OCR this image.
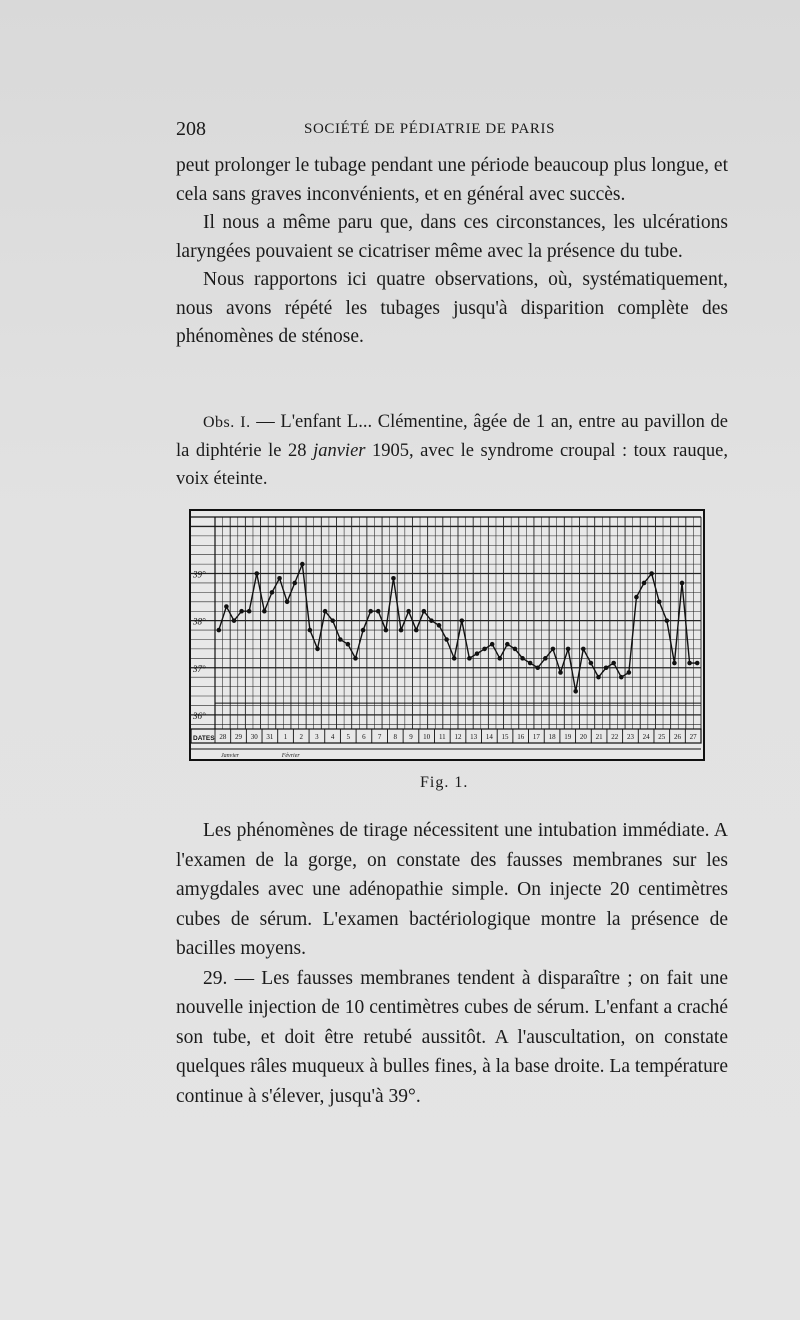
208	SOCIÉTÉ DE PÉDIATRIE DE PARIS

peut prolonger le tubage pendant une période beaucoup plus longue, et cela sans graves inconvénients, et en général avec succès.

Il nous a même paru que, dans ces circonstances, les ulcérations laryngées pouvaient se cicatriser même avec la présence du tube.

Nous rapportons ici quatre observations, où, systématiquement, nous avons répété les tubages jusqu'à disparition complète des phénomènes de sténose.

Obs. I. — L'enfant L... Clémentine, âgée de 1 an, entre au pavillon de la diphtérie le 28 janvier 1905, avec le syndrome croupal : toux rauque, voix éteinte.

39°
38°
37°
36°
DATES 28 29 30 31 1 2 3 4 5 6 7 8 9 10 11 12 13 14 15 16 17 18 19 20 21 22 23 24 25 26 27
Janvier	Février
Fig. 1.

Les phénomènes de tirage nécessitent une intubation immédiate. A l'examen de la gorge, on constate des fausses membranes sur les amygdales avec une adénopathie simple. On injecte 20 centimètres cubes de sérum. L'examen bactériologique montre la présence de bacilles moyens.

29. — Les fausses membranes tendent à disparaître ; on fait une nouvelle injection de 10 centimètres cubes de sérum. L'enfant a craché son tube, et doit être retubé aussitôt. A l'auscultation, on constate quelques râles muqueux à bulles fines, à la base droite. La température continue à s'élever, jusqu'à 39°.
